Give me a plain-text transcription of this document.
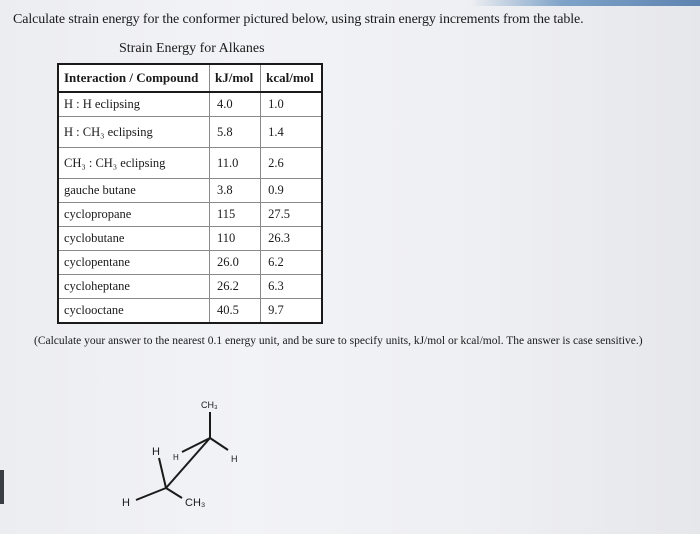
Calculate strain energy for the conformer pictured below, using strain energy increments from the table.
Strain Energy for Alkanes
Interaction / Compound	kJ/mol	kcal/mol
H : H eclipsing	4.0	1.0
H : CH₃ eclipsing	5.8	1.4
CH₃ : CH₃ eclipsing	11.0	2.6
gauche butane	3.8	0.9
cyclopropane	115	27.5
cyclobutane	110	26.3
cyclopentane	26.0	6.2
cycloheptane	26.2	6.3
cyclooctane	40.5	9.7
(Calculate your answer to the nearest 0.1 energy unit, and be sure to specify units, kJ/mol or kcal/mol. The answer is case sensitive.)
CH₃
H H	H
H	CH₃
